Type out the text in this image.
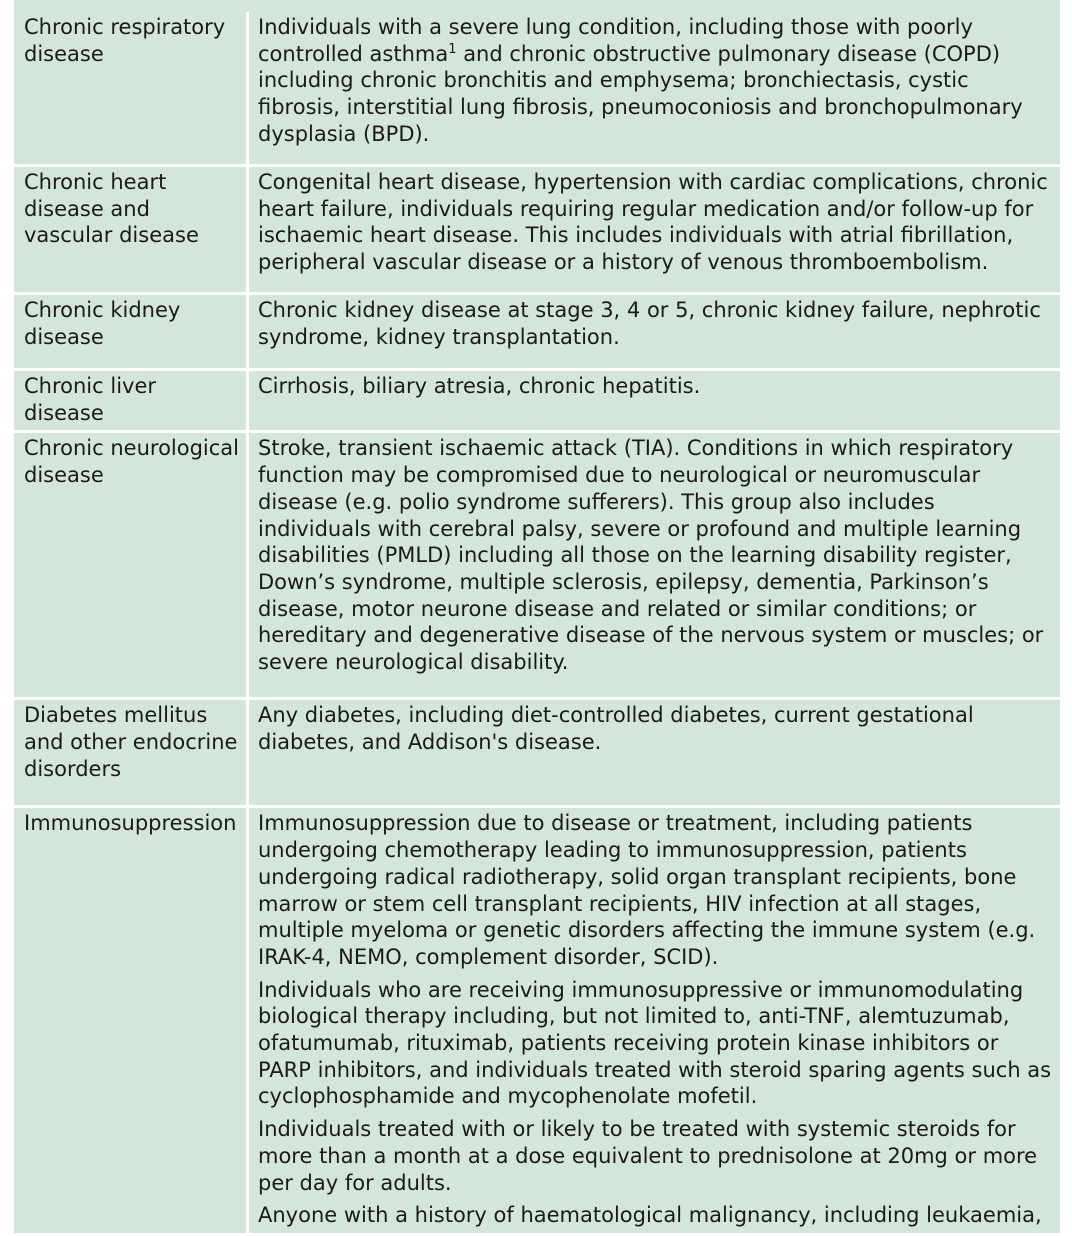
Chronic respiratory disease	Individuals with a severe lung condition, including those with poorly controlled asthma$^1$ and chronic obstructive pulmonary disease (COPD) including chronic bronchitis and emphysema; bronchiectasis, cystic fibrosis, interstitial lung fibrosis, pneumoconiosis and bronchopulmonary dysplasia (BPD).
Chronic heart disease and vascular disease	Congenital heart disease, hypertension with cardiac complications, chronic heart failure, individuals requiring regular medication and/or follow-up for ischaemic heart disease. This includes individuals with atrial fibrillation, peripheral vascular disease or a history of venous thromboembolism.
Chronic kidney disease	Chronic kidney disease at stage 3, 4 or 5, chronic kidney failure, nephrotic syndrome, kidney transplantation.
Chronic liver disease	Cirrhosis, biliary atresia, chronic hepatitis.
Chronic neurological disease	Stroke, transient ischaemic attack (TIA). Conditions in which respiratory function may be compromised due to neurological or neuromuscular disease (e.g. polio syndrome sufferers). This group also includes individuals with cerebral palsy, severe or profound and multiple learning disabilities (PMLD) including all those on the learning disability register, Down’s syndrome, multiple sclerosis, epilepsy, dementia, Parkinson’s disease, motor neurone disease and related or similar conditions; or hereditary and degenerative disease of the nervous system or muscles; or severe neurological disability.
Diabetes mellitus and other endocrine disorders	Any diabetes, including diet-controlled diabetes, current gestational diabetes, and Addison's disease.
Immunosuppression	Immunosuppression due to disease or treatment, including patients undergoing chemotherapy leading to immunosuppression, patients undergoing radical radiotherapy, solid organ transplant recipients, bone marrow or stem cell transplant recipients, HIV infection at all stages, multiple myeloma or genetic disorders affecting the immune system (e.g. IRAK-4, NEMO, complement disorder, SCID).

Individuals who are receiving immunosuppressive or immunomodulating biological therapy including, but not limited to, anti-TNF, alemtuzumab, ofatumumab, rituximab, patients receiving protein kinase inhibitors or PARP inhibitors, and individuals treated with steroid sparing agents such as cyclophosphamide and mycophenolate mofetil.

Individuals treated with or likely to be treated with systemic steroids for more than a month at a dose equivalent to prednisolone at 20mg or more per day for adults.

Anyone with a history of haematological malignancy, including leukaemia,
